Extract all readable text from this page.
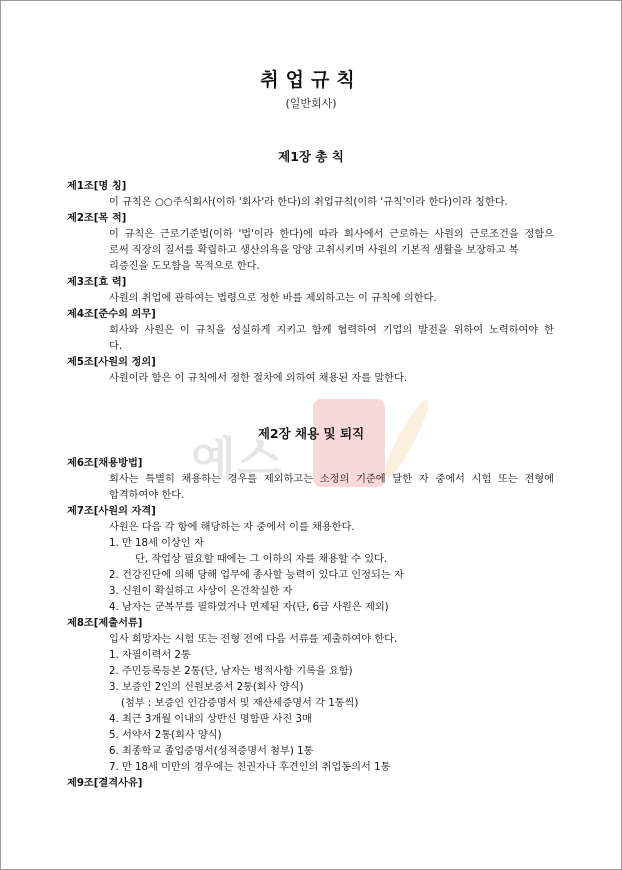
예스
취업규칙
(일반회사)
제1장 총 칙
제1조[명 칭]
이 규칙은 ○○주식회사(이하 '회사'라 한다)의 취업규칙(이하 '규칙'이라 한다)이라 칭한다.
제2조[목 적]
이 규칙은 근로기준법(이하 '법'이라 한다)에 따라 회사에서 근로하는 사원의 근로조건을 정함으
로써 직장의 질서를 확립하고 생산의욕을 앙양 고취시키며 사원의 기본적 생활을 보장하고 복
리증진을 도모함을 목적으로 한다.
제3조[효 력]
사원의 취업에 관하여는 법령으로 정한 바를 제외하고는 이 규칙에 의한다.
제4조[준수의 의무]
회사와 사원은 이 규칙을 성실하게 지키고 함께 협력하여 기업의 발전을 위하여 노력하여야 한
다.
제5조[사원의 정의]
사원이라 함은 이 규칙에서 정한 절차에 의하여 채용된 자를 말한다.
제2장 채용 및 퇴직
제6조[채용방법]
회사는 특별히 채용하는 경우를 제외하고는 소정의 기준에 달한 자 중에서 시험 또는 전형에
합격하여야 한다.
제7조[사원의 자격]
사원은 다음 각 항에 해당하는 자 중에서 이를 채용한다.
1. 만 18세 이상인 자
단, 작업상 필요할 때에는 그 이하의 자를 채용할 수 있다.
2. 건강진단에 의해 당해 업무에 종사할 능력이 있다고 인정되는 자
3. 신원이 확실하고 사상이 온건착실한 자
4. 남자는 군복무를 필하였거나 면제된 자(단, 6급 사원은 제외)
제8조[제출서류]
입사 희망자는 시험 또는 전형 전에 다음 서류를 제출하여야 한다.
1. 자필이력서 2통
2. 주민등록등본 2통(단, 남자는 병적사항 기록을 요함)
3. 보증인 2인의 신원보증서 2통(회사 양식)
(첨부 : 보증인 인감증명서 및 재산세증명서 각 1통씩)
4. 최근 3개월 이내의 상반신 명함판 사진 3매
5. 서약서 2통(회사 양식)
6. 최종학교 졸업증명서(성적증명서 첨부) 1통
7. 만 18세 미만의 경우에는 친권자나 후견인의 취업동의서 1통
제9조[결격사유]
